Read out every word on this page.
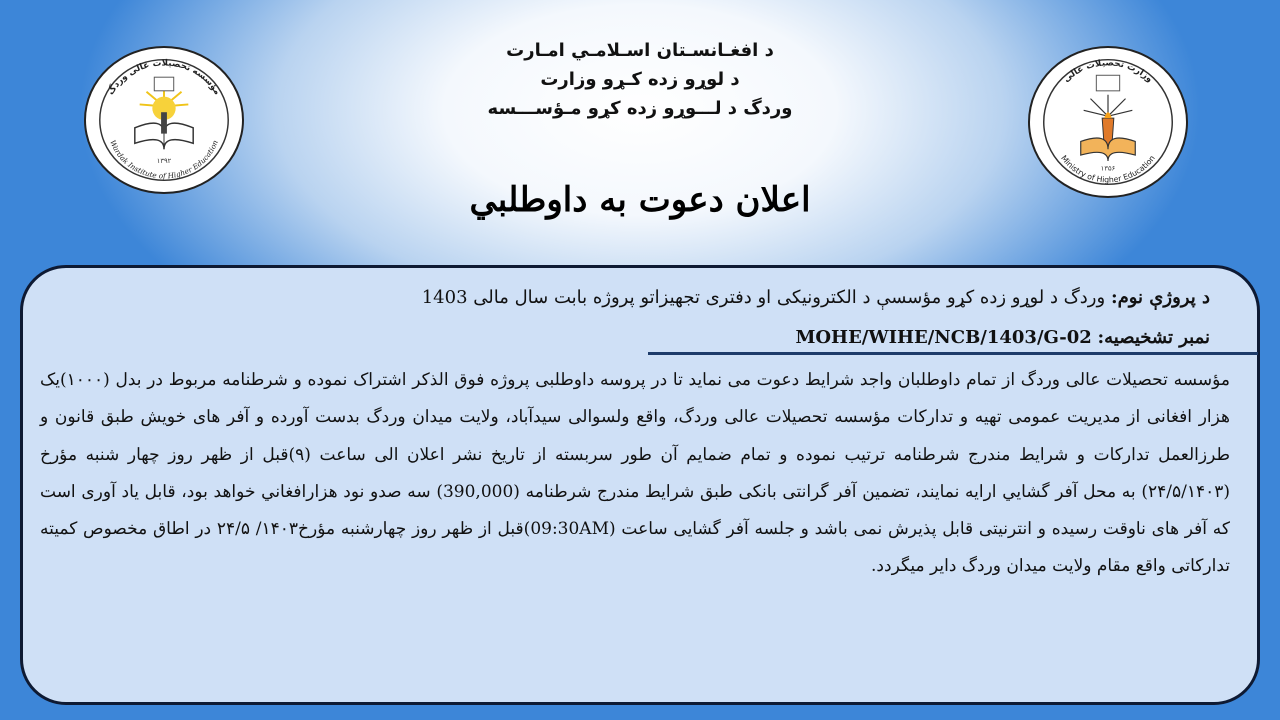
د افغـانسـتان اسـلامـي امـارت
د لوړو زده کـړو وزارت
وردگ د لـــوړو زده کړو مـؤســـسه
اعلان دعوت به داوطلبي
مؤسسه تحصیلات عالی وردگ
Wardak Institute of Higher Education
۱۳۹۲
وزارت تحصیلات عالی
Ministry of Higher Education
۱۳۵۶
د پروژې نوم: وردگ د لوړو زده کړو مؤسسې د الکترونیکی او دفتری تجهیزاتو پروژه بابت سال مالی 1403
نمبر تشخیصیه: MOHE/WIHE/NCB/1403/G-02
مؤسسه تحصیلات عالی وردگ از تمام داوطلبان واجد شرایط دعوت می نماید تا در پروسه داوطلبی پروژه فوق الذکر اشتراک نموده و شرطنامه مربوط در بدل (۱۰۰۰)یک هزار افغانی از مدیریت عمومی تهیه و تدارکات مؤسسه تحصیلات عالی وردگ، واقع ولسوالی سیدآباد، ولایت میدان وردگ بدست آورده و آفر های خویش طبق قانون و طرزالعمل تدارکات و شرایط مندرج شرطنامه ترتیب نموده و تمام ضمایم آن طور سربسته از تاریخ نشر اعلان الی ساعت (۹)قبل از ظهر روز چهار شنبه مؤرخ (۲۴/۵/۱۴۰۳) به محل آفر گشایي ارایه نمایند، تضمین آفر گرانتی بانکی طبق شرایط مندرج شرطنامه (390,000) سه صدو نود هزارافغاني خواهد بود، قابل یاد آوری است که آفر های ناوقت رسیده و انترنیتی قابل پذیرش نمی باشد و جلسه آفر گشایی ساعت (09:30AM)قبل از ظهر روز چهارشنبه مؤرخ۱۴۰۳/ ۲۴/۵ در اطاق مخصوص کمیته تدارکاتی واقع مقام ولایت میدان وردگ دایر میگردد.
